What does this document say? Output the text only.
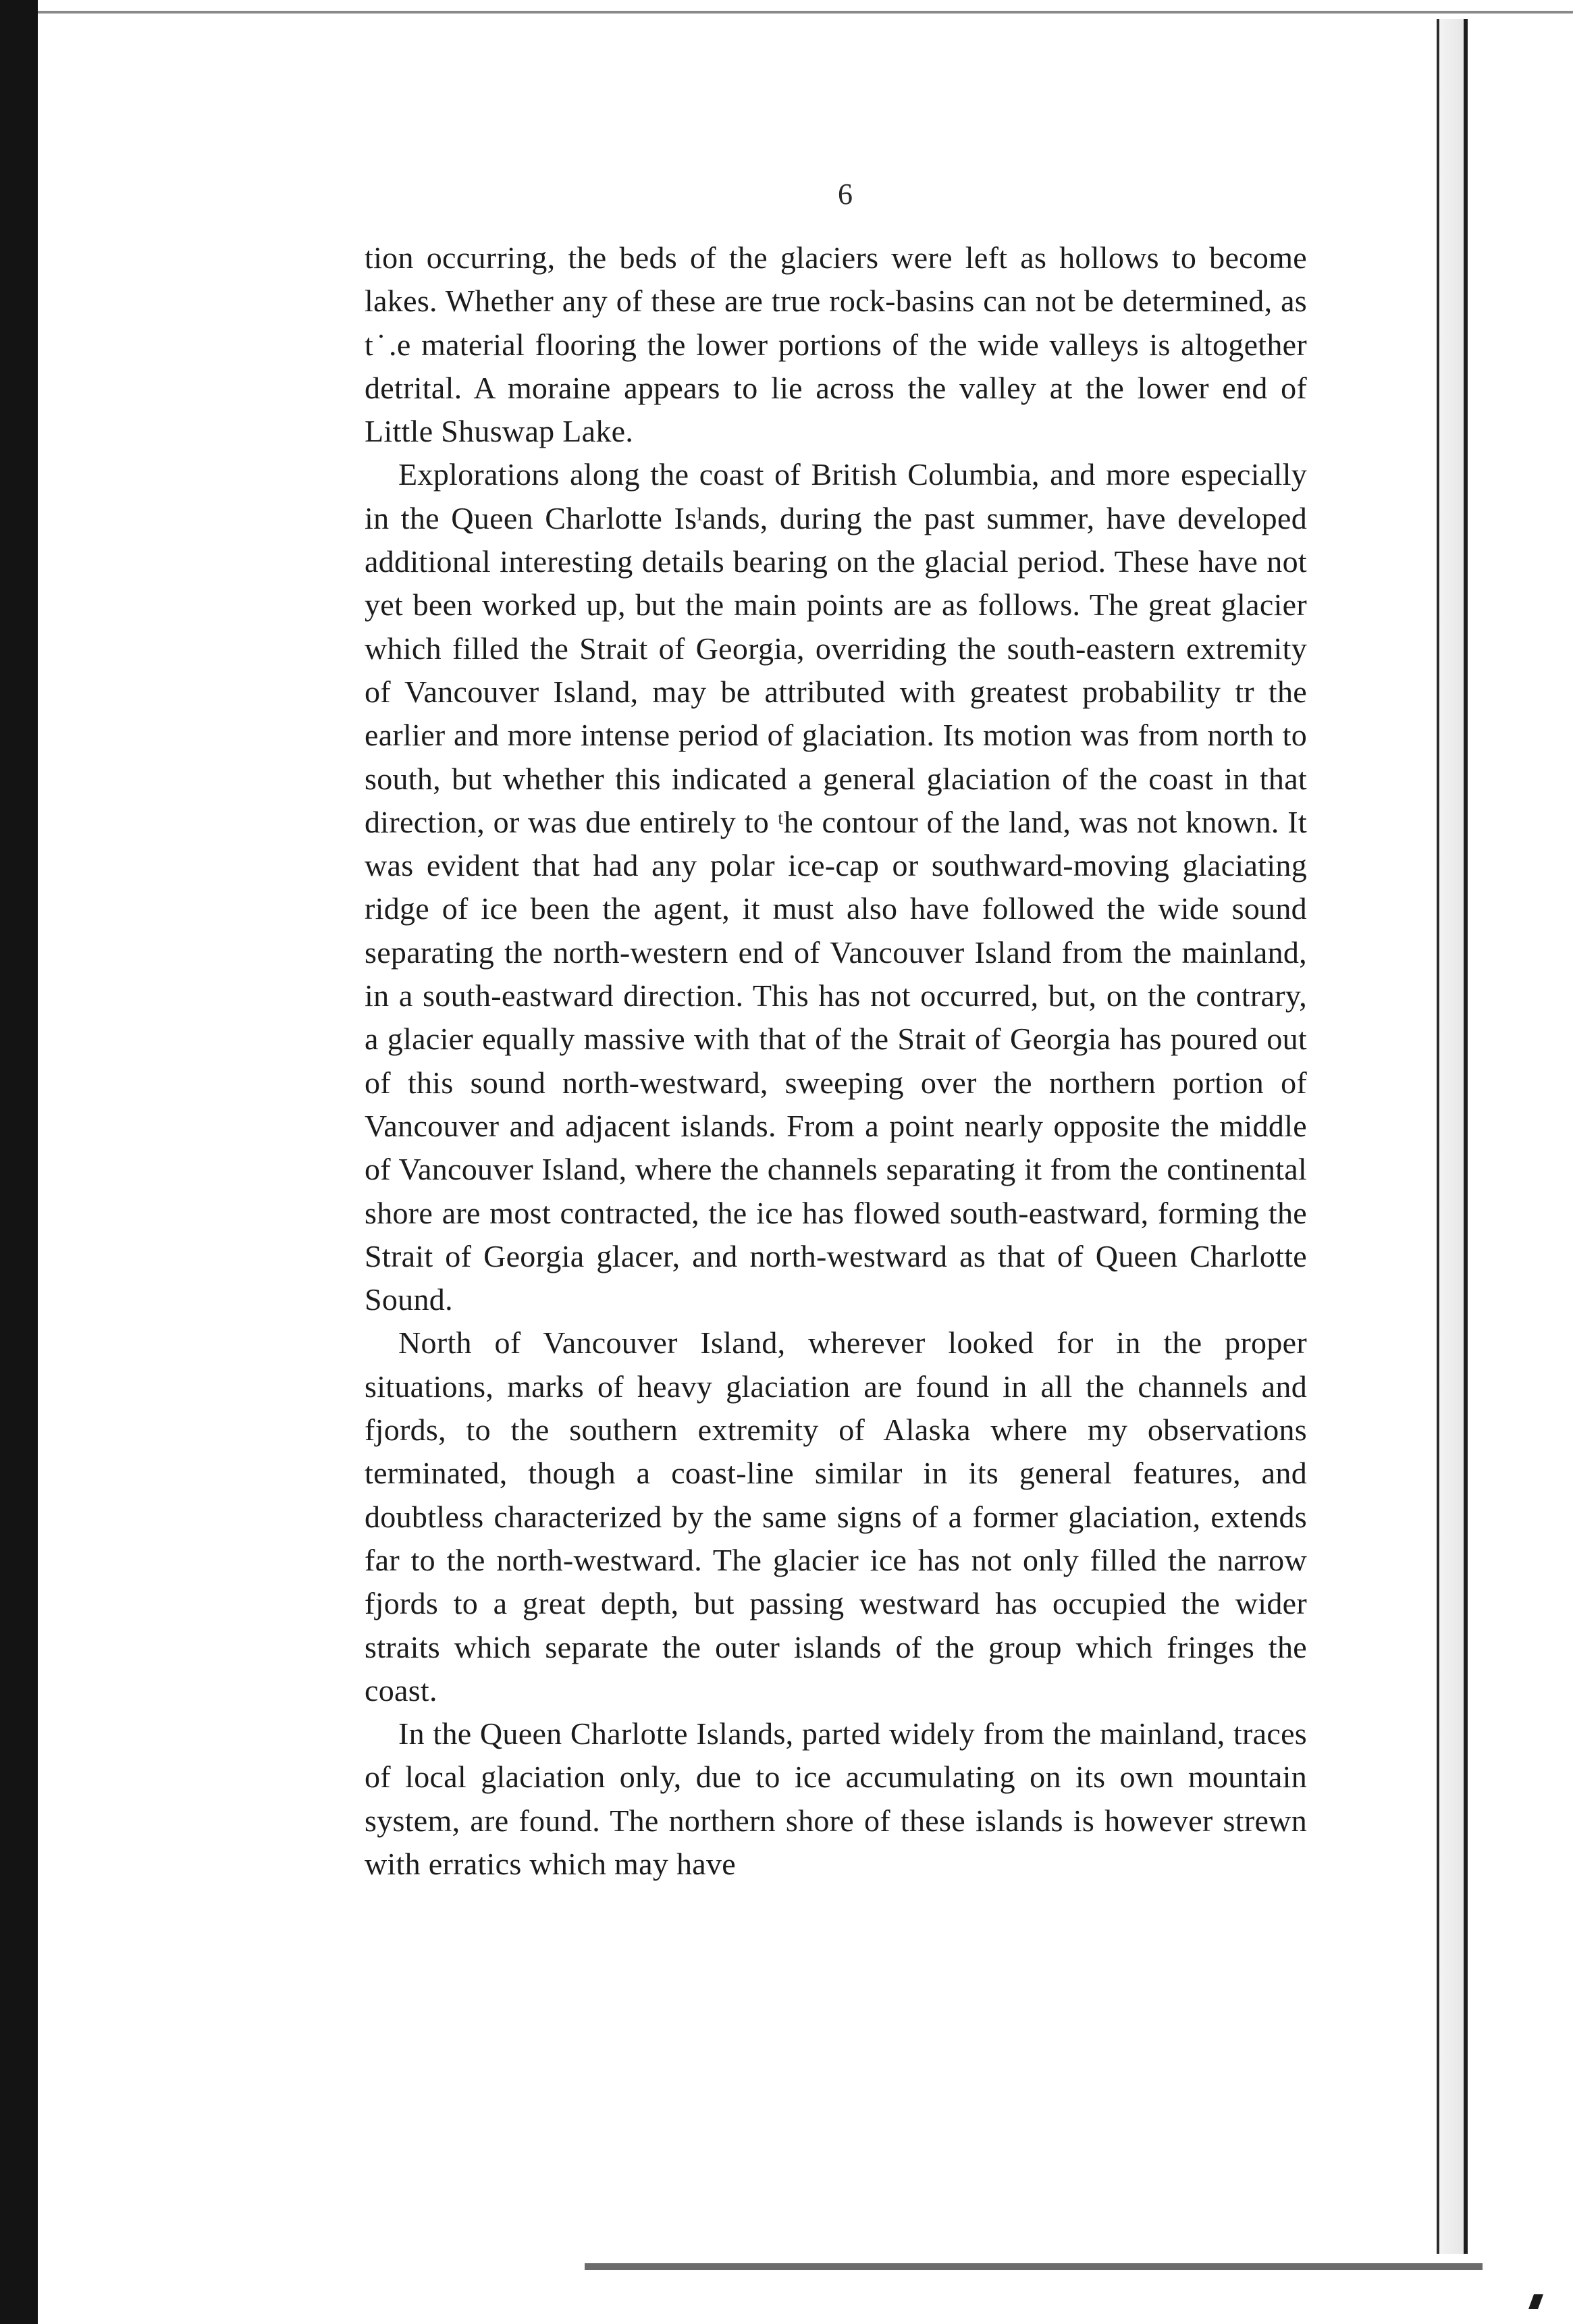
6

tion occurring, the beds of the glaciers were left as hollows to become lakes. Whether any of these are true rock-basins can not be determined, as t˙.e material flooring the lower portions of the wide valleys is altogether detrital. A moraine appears to lie across the valley at the lower end of Little Shuswap Lake.

Explorations along the coast of British Columbia, and more especially in the Queen Charlotte Isˡands, during the past summer, have developed additional interesting details bearing on the glacial period. These have not yet been worked up, but the main points are as follows. The great glacier which filled the Strait of Georgia, overriding the south-eastern extremity of Vancouver Island, may be attributed with greatest probability tr the earlier and more intense period of glaciation. Its motion was from north to south, but whether this indicated a general glaciation of the coast in that direction, or was due entirely to ᵗhe contour of the land, was not known. It was evident that had any polar ice-cap or southward-moving glaciating ridge of ice been the agent, it must also have followed the wide sound separating the north-western end of Vancouver Island from the mainland, in a south-eastward direction. This has not occurred, but, on the contrary, a glacier equally massive with that of the Strait of Georgia has poured out of this sound north-westward, sweeping over the northern portion of Vancouver and adjacent islands. From a point nearly opposite the middle of Vancouver Island, where the channels separating it from the continental shore are most contracted, the ice has flowed south-eastward, forming the Strait of Georgia glacer, and north-westward as that of Queen Charlotte Sound.

North of Vancouver Island, wherever looked for in the proper situations, marks of heavy glaciation are found in all the channels and fjords, to the southern extremity of Alaska where my observations terminated, though a coast-line similar in its general features, and doubtless characterized by the same signs of a former glaciation, extends far to the north-westward. The glacier ice has not only filled the narrow fjords to a great depth, but passing westward has occupied the wider straits which separate the outer islands of the group which fringes the coast.

In the Queen Charlotte Islands, parted widely from the mainland, traces of local glaciation only, due to ice accumulating on its own mountain system, are found. The northern shore of these islands is however strewn with erratics which may have
